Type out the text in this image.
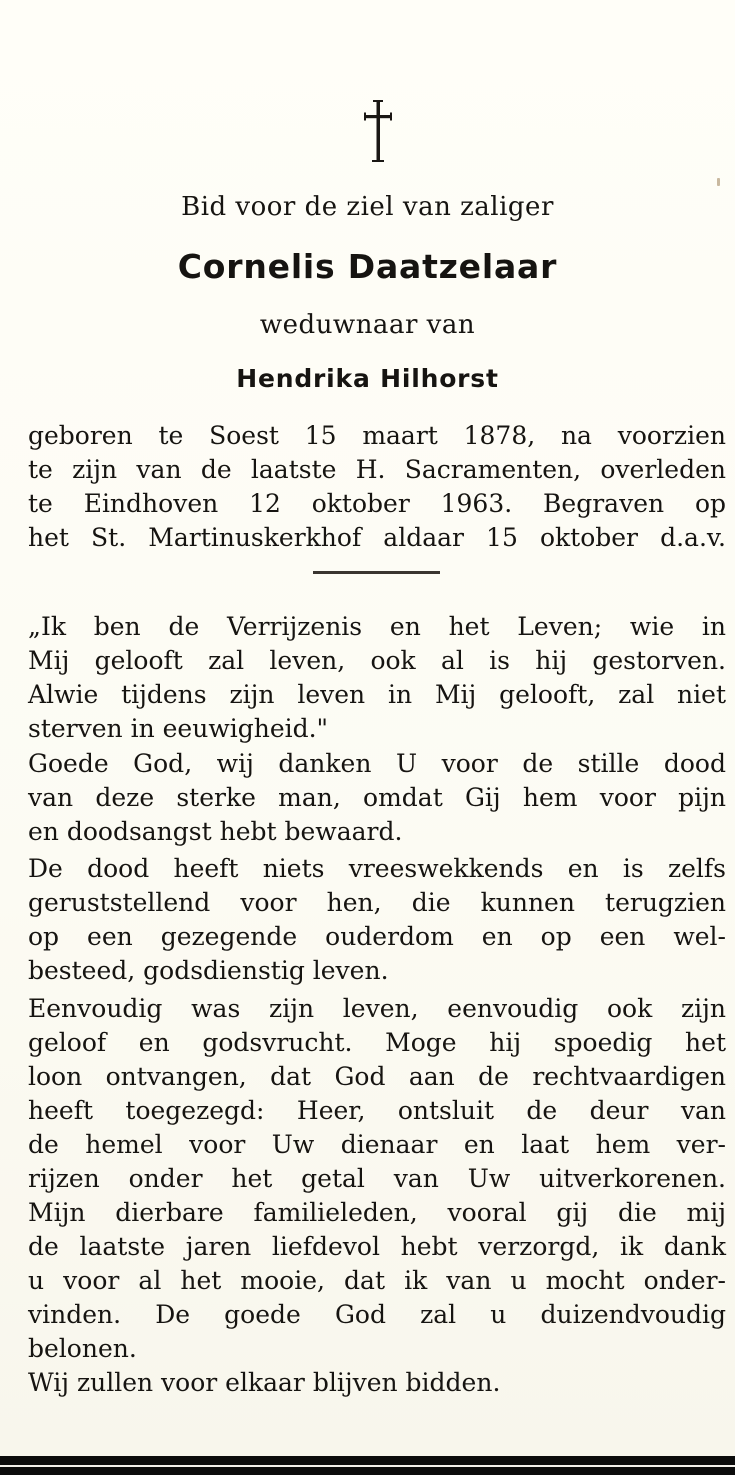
Bid voor de ziel van zaliger
Cornelis Daatzelaar
weduwnaar van
Hendrika Hilhorst

geboren te Soest 15 maart 1878, na voorzien
te zijn van de laatste H. Sacramenten, overleden
te Eindhoven 12 oktober 1963. Begraven op
het St. Martinuskerkhof aldaar 15 oktober d.a.v.

„Ik ben de Verrijzenis en het Leven; wie in
Mij gelooft zal leven, ook al is hij gestorven.
Alwie tijdens zijn leven in Mij gelooft, zal niet
sterven in eeuwigheid."

Goede God, wij danken U voor de stille dood
van deze sterke man, omdat Gij hem voor pijn
en doodsangst hebt bewaard.

De dood heeft niets vreeswekkends en is zelfs
geruststellend voor hen, die kunnen terugzien
op een gezegende ouderdom en op een wel-
besteed, godsdienstig leven.

Eenvoudig was zijn leven, eenvoudig ook zijn
geloof en godsvrucht. Moge hij spoedig het
loon ontvangen, dat God aan de rechtvaardigen
heeft toegezegd: Heer, ontsluit de deur van
de hemel voor Uw dienaar en laat hem ver-
rijzen onder het getal van Uw uitverkorenen.

Mijn dierbare familieleden, vooral gij die mij
de laatste jaren liefdevol hebt verzorgd, ik dank
u voor al het mooie, dat ik van u mocht onder-
vinden. De goede God zal u duizendvoudig
belonen.

Wij zullen voor elkaar blijven bidden.
